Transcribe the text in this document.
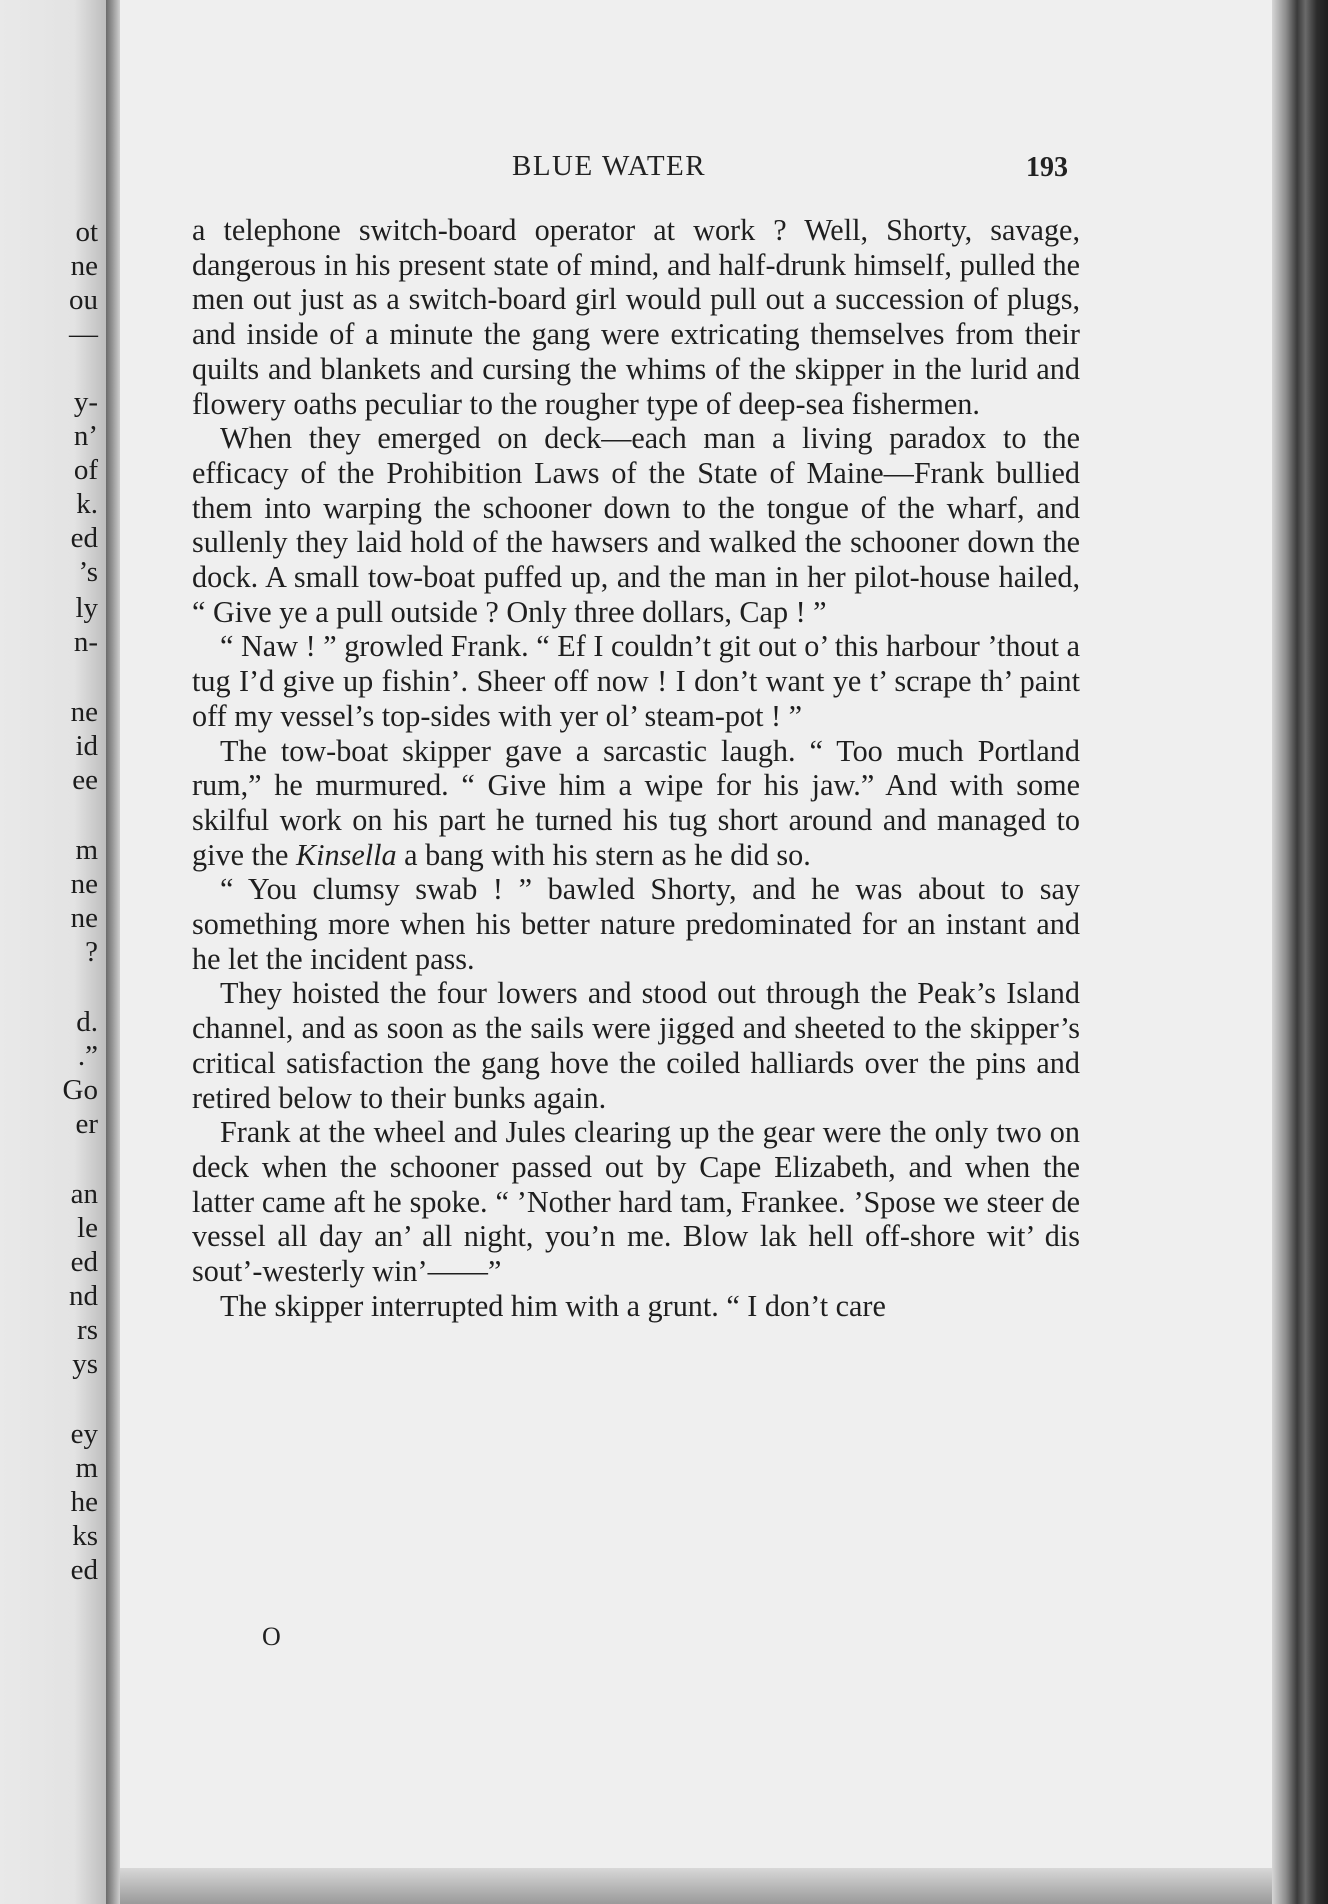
ot
ne
ou
—
y-
n’
of
k.
ed
’s
ly
n-
ne
id
ee
m
ne
ne
?
d.
.”
Go
er
an
le
ed
nd
rs
ys
ey
m
he
ks
ed
BLUE WATER	193

a telephone switch-board operator at work ? Well, Shorty, savage, dangerous in his present state of mind, and half-drunk himself, pulled the men out just as a switch-board girl would pull out a succession of plugs, and inside of a minute the gang were extricating themselves from their quilts and blankets and cursing the whims of the skipper in the lurid and flowery oaths peculiar to the rougher type of deep-sea fishermen.

When they emerged on deck—each man a living paradox to the efficacy of the Prohibition Laws of the State of Maine—Frank bullied them into warping the schooner down to the tongue of the wharf, and sullenly they laid hold of the hawsers and walked the schooner down the dock. A small tow-boat puffed up, and the man in her pilot-house hailed, “ Give ye a pull outside ? Only three dollars, Cap ! ”

“ Naw ! ” growled Frank. “ Ef I couldn’t git out o’ this harbour ’thout a tug I’d give up fishin’. Sheer off now ! I don’t want ye t’ scrape th’ paint off my vessel’s top-sides with yer ol’ steam-pot ! ”

The tow-boat skipper gave a sarcastic laugh. “ Too much Portland rum,” he murmured. “ Give him a wipe for his jaw.” And with some skilful work on his part he turned his tug short around and managed to give the Kinsella a bang with his stern as he did so.

“ You clumsy swab ! ” bawled Shorty, and he was about to say something more when his better nature predominated for an instant and he let the incident pass.

They hoisted the four lowers and stood out through the Peak’s Island channel, and as soon as the sails were jigged and sheeted to the skipper’s critical satisfaction the gang hove the coiled halliards over the pins and retired below to their bunks again.

Frank at the wheel and Jules clearing up the gear were the only two on deck when the schooner passed out by Cape Elizabeth, and when the latter came aft he spoke. “ ’Nother hard tam, Frankee. ’Spose we steer de vessel all day an’ all night, you’n me. Blow lak hell off-shore wit’ dis sout’-westerly win’——”

The skipper interrupted him with a grunt. “ I don’t care

O
